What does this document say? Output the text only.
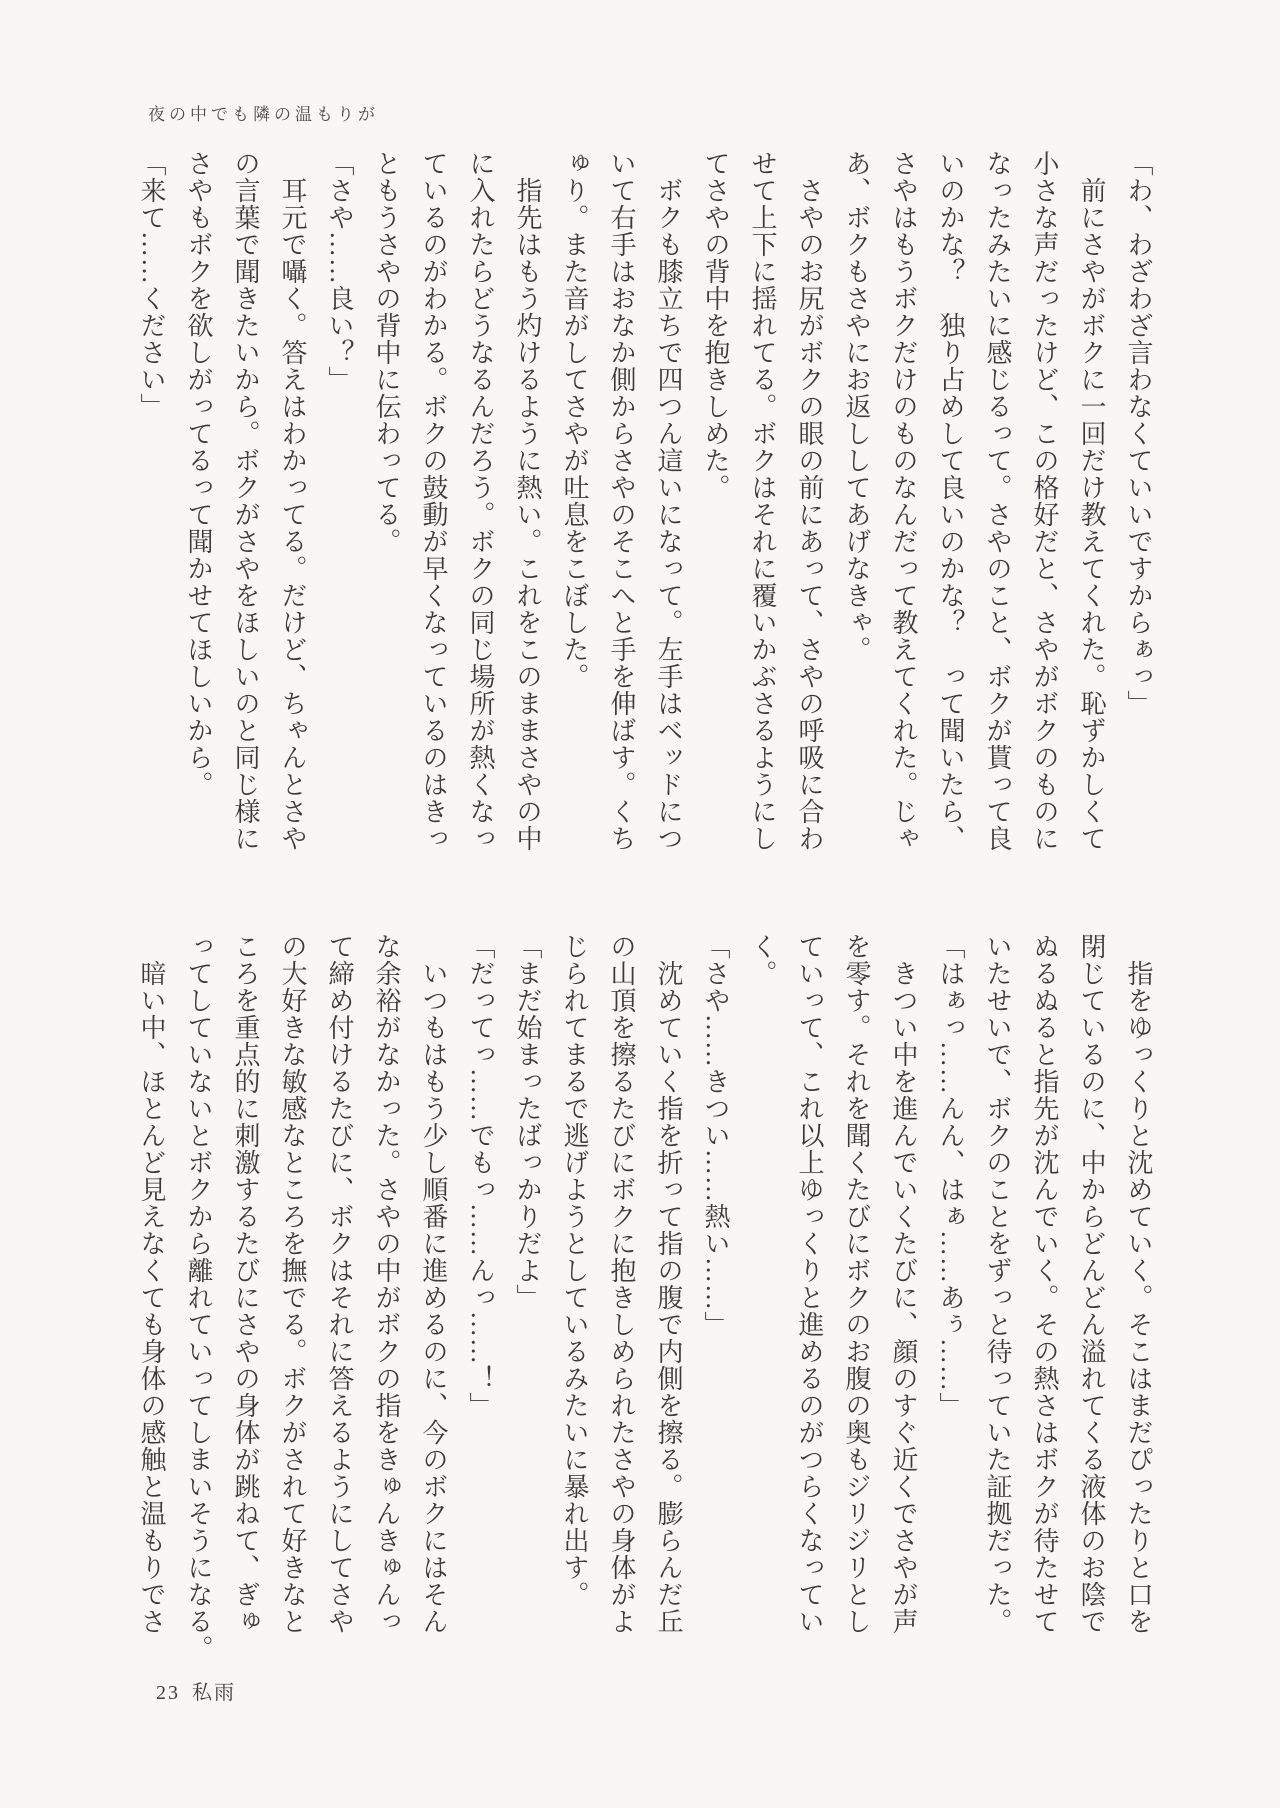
夜の中でも隣の温もりが

「わ、わざわざ言わなくていいですからぁっ」

　前にさやがボクに一回だけ教えてくれた。恥ずかしくて

小さな声だったけど、この格好だと、さやがボクのものに

なったみたいに感じるって。さやのこと、ボクが貰って良

いのかな？　独り占めして良いのかな？　って聞いたら、

さやはもうボクだけのものなんだって教えてくれた。じゃ

あ、ボクもさやにお返ししてあげなきゃ。

　さやのお尻がボクの眼の前にあって、さやの呼吸に合わ

せて上下に揺れてる。ボクはそれに覆いかぶさるようにし

てさやの背中を抱きしめた。

　ボクも膝立ちで四つん這いになって。左手はベッドにつ

いて右手はおなか側からさやのそこへと手を伸ばす。くち

ゅり。また音がしてさやが吐息をこぼした。

　指先はもう灼けるように熱い。これをこのままさやの中

に入れたらどうなるんだろう。ボクの同じ場所が熱くなっ

ているのがわかる。ボクの鼓動が早くなっているのはきっ

ともうさやの背中に伝わってる。

「さや……良い？」

　耳元で囁く。答えはわかってる。だけど、ちゃんとさや

の言葉で聞きたいから。ボクがさやをほしいのと同じ様に

さやもボクを欲しがってるって聞かせてほしいから。

「来て……ください」

　指をゆっくりと沈めていく。そこはまだぴったりと口を

閉じているのに、中からどんどん溢れてくる液体のお陰で

ぬるぬると指先が沈んでいく。その熱さはボクが待たせて

いたせいで、ボクのことをずっと待っていた証拠だった。

「はぁっ……んん、はぁ……あぅ……」

　きつい中を進んでいくたびに、顔のすぐ近くでさやが声

を零す。それを聞くたびにボクのお腹の奥もジリジリとし

ていって、これ以上ゆっくりと進めるのがつらくなってい

く。

「さや……きつい……熱い……」

　沈めていく指を折って指の腹で内側を擦る。膨らんだ丘

の山頂を擦るたびにボクに抱きしめられたさやの身体がよ

じられてまるで逃げようとしているみたいに暴れ出す。

「まだ始まったばっかりだよ」

「だってっ……でもっ……んっ……！」

　いつもはもう少し順番に進めるのに、今のボクにはそん

な余裕がなかった。さやの中がボクの指をきゅんきゅんっ

て締め付けるたびに、ボクはそれに答えるようにしてさや

の大好きな敏感なところを撫でる。ボクがされて好きなと

ころを重点的に刺激するたびにさやの身体が跳ねて、ぎゅ

ってしていないとボクから離れていってしまいそうになる。

　暗い中、ほとんど見えなくても身体の感触と温もりでさ

23 私雨
